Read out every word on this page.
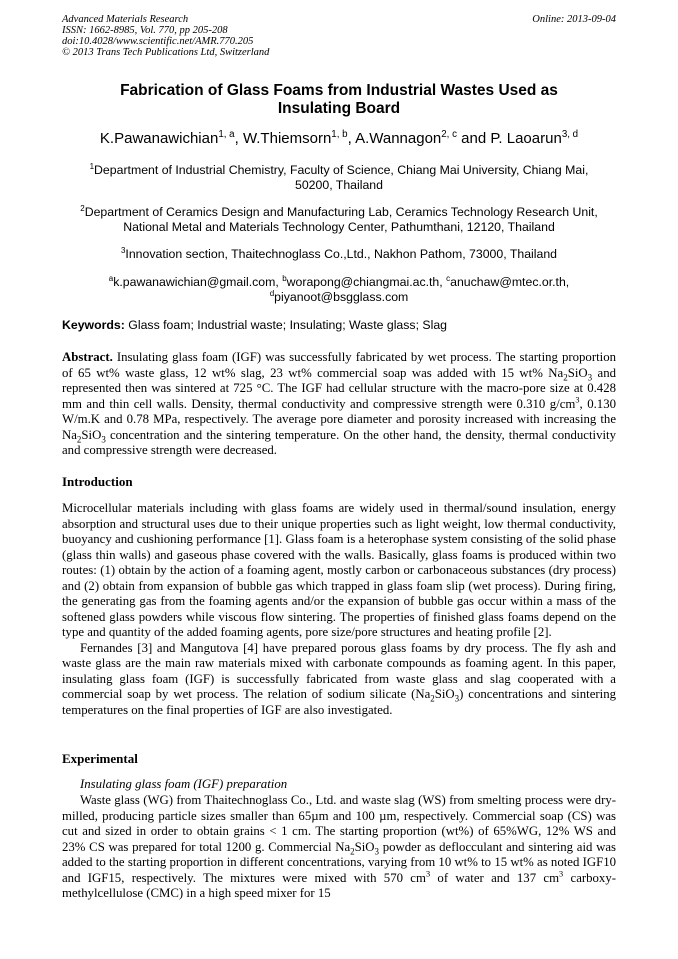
Advanced Materials Research
ISSN: 1662-8985, Vol. 770, pp 205-208
doi:10.4028/www.scientific.net/AMR.770.205
© 2013 Trans Tech Publications Ltd, Switzerland
Online: 2013-09-04
Fabrication of Glass Foams from Industrial Wastes Used as
Insulating Board
K.Pawanawichian$^{1, a}$, W.Thiemsorn$^{1, b}$, A.Wannagon$^{2, c}$ and P. Laoarun$^{3, d}$
$^1$Department of Industrial Chemistry, Faculty of Science, Chiang Mai University, Chiang Mai,
50200, Thailand
$^2$Department of Ceramics Design and Manufacturing Lab, Ceramics Technology Research Unit,
National Metal and Materials Technology Center, Pathumthani, 12120, Thailand
$^3$Innovation section, Thaitechnoglass Co.,Ltd., Nakhon Pathom, 73000, Thailand
$^a$k.pawanawichian@gmail.com, $^b$worapong@chiangmai.ac.th, $^c$anuchaw@mtec.or.th,
$^d$piyanoot@bsgglass.com
Keywords: Glass foam; Industrial waste; Insulating; Waste glass; Slag
Abstract. Insulating glass foam (IGF) was successfully fabricated by wet process. The starting proportion of 65 wt% waste glass, 12 wt% slag, 23 wt% commercial soap was added with 15 wt% $Na_2SiO_3$ and represented then was sintered at 725 °C. The IGF had cellular structure with the macro-pore size at 0.428 mm and thin cell walls. Density, thermal conductivity and compressive strength were 0.310 $g/cm^3$, 0.130 W/m.K and 0.78 MPa, respectively. The average pore diameter and porosity increased with increasing the $Na_2SiO_3$ concentration and the sintering temperature. On the other hand, the density, thermal conductivity and compressive strength were decreased.
Introduction

Microcellular materials including with glass foams are widely used in thermal/sound insulation, energy absorption and structural uses due to their unique properties such as light weight, low thermal conductivity, buoyancy and cushioning performance [1]. Glass foam is a heterophase system consisting of the solid phase (glass thin walls) and gaseous phase covered with the walls. Basically, glass foams is produced within two routes: (1) obtain by the action of a foaming agent, mostly carbon or carbonaceous substances (dry process) and (2) obtain from expansion of bubble gas which trapped in glass foam slip (wet process). During firing, the generating gas from the foaming agents and/or the expansion of bubble gas occur within a mass of the softened glass powders while viscous flow sintering. The properties of finished glass foams depend on the type and quantity of the added foaming agents, pore size/pore structures and heating profile [2].

Fernandes [3] and Mangutova [4] have prepared porous glass foams by dry process. The fly ash and waste glass are the main raw materials mixed with carbonate compounds as foaming agent. In this paper, insulating glass foam (IGF) is successfully fabricated from waste glass and slag cooperated with a commercial soap by wet process. The relation of sodium silicate $(Na_2SiO_3)$ concentrations and sintering temperatures on the final properties of IGF are also investigated.

Experimental
Insulating glass foam (IGF) preparation

Waste glass (WG) from Thaitechnoglass Co., Ltd. and waste slag (WS) from smelting process were dry-milled, producing particle sizes smaller than 65µm and 100 µm, respectively. Commercial soap (CS) was cut and sized in order to obtain grains < 1 cm. The starting proportion (wt%) of 65%WG, 12% WS and 23% CS was prepared for total 1200 g. Commercial $Na_2SiO_3$ powder as deflocculant and sintering aid was added to the starting proportion in different concentrations, varying from 10 wt% to 15 wt% as noted IGF10 and IGF15, respectively. The mixtures were mixed with 570 $cm^3$ of water and 137 $cm^3$ carboxy-methylcellulose (CMC) in a high speed mixer for 15
